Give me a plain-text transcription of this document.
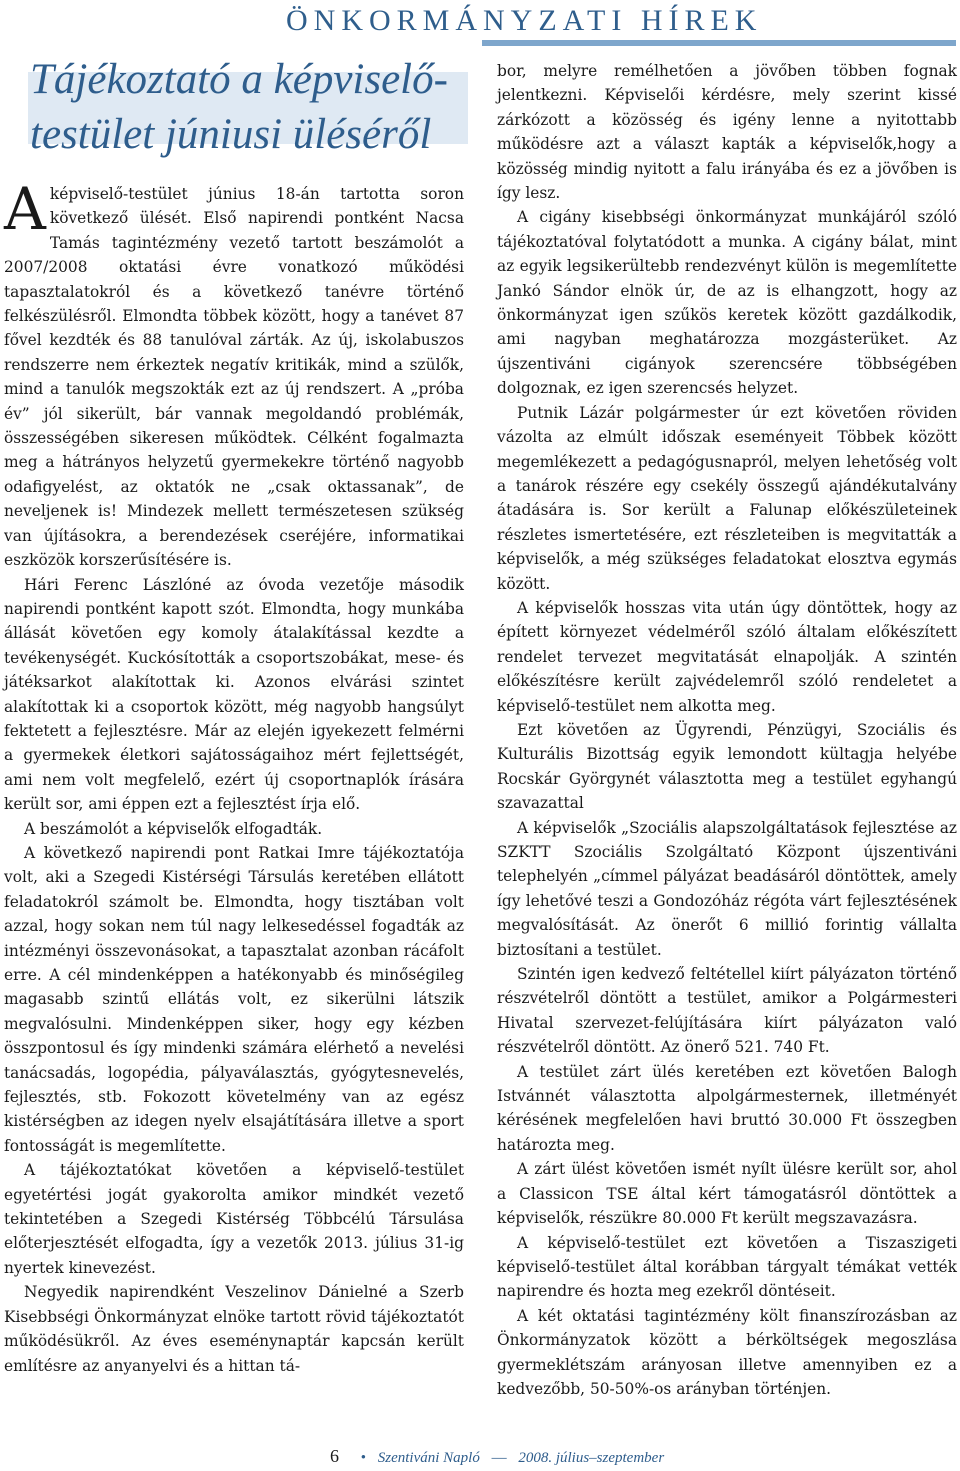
ÖNKORMÁNYZATI HÍREK
Tájékoztató a képviselő-
testület júniusi üléséről

A képviselő-testület június 18-án tartotta soron következő ülését. Első napirendi pontként Nacsa Tamás tagintézmény vezető tartott beszámolót a 2007/2008 oktatási évre vonatkozó működési tapasztalatokról és a következő tanévre történő felkészülésről. Elmondta többek között, hogy a tanévet 87 fővel kezdték és 88 tanulóval zárták. Az új, iskolabuszos rendszerre nem érkeztek negatív kritikák, mind a szülők, mind a tanulók megszokták ezt az új rendszert. A „próba év” jól sikerült, bár vannak megoldandó problémák, összességében sikeresen működtek. Célként fogalmazta meg a hátrányos helyzetű gyermekekre történő nagyobb odafigyelést, az oktatók ne „csak oktassanak”, de neveljenek is! Mindezek mellett természetesen szükség van újításokra, a berendezések cseréjére, informatikai eszközök korszerűsítésére is.

Hári Ferenc Lászlóné az óvoda vezetője második napirendi pontként kapott szót. Elmondta, hogy munkába állását követően egy komoly átalakítással kezdte a tevékenységét. Kuckósították a csoportszobákat, mese- és játéksarkot alakítottak ki. Azonos elvárási szintet alakítottak ki a csoportok között, még nagyobb hangsúlyt fektetett a fejlesztésre. Már az elején igyekezett felmérni a gyermekek életkori sajátosságaihoz mért fejlettségét, ami nem volt megfelelő, ezért új csoportnaplók írására került sor, ami éppen ezt a fejlesztést írja elő.

A beszámolót a képviselők elfogadták.

A következő napirendi pont Ratkai Imre tájékoztatója volt, aki a Szegedi Kistérségi Társulás keretében ellátott feladatokról számolt be. Elmondta, hogy tisztában volt azzal, hogy sokan nem túl nagy lelkesedéssel fogadták az intézményi összevonásokat, a tapasztalat azonban rácáfolt erre. A cél mindenképpen a hatékonyabb és minőségileg magasabb szintű ellátás volt, ez sikerülni látszik megvalósulni. Mindenképpen siker, hogy egy kézben összpontosul és így mindenki számára elérhető a nevelési tanácsadás, logopédia, pályaválasztás, gyógytesnevelés, fejlesztés, stb. Fokozott követelmény van az egész kistérségben az idegen nyelv elsajátítására illetve a sport fontosságát is megemlítette.

A tájékoztatókat követően a képviselő-testület egyetértési jogát gyakorolta amikor mindkét vezető tekintetében a Szegedi Kistérség Többcélú Társulása előterjesztését elfogadta, így a vezetők 2013. július 31-ig nyertek kinevezést.

Negyedik napirendként Veszelinov Dánielné a Szerb Kisebbségi Önkormányzat elnöke tartott rövid tájékoztatót működésükről. Az éves eseménynaptár kapcsán került említésre az anyanyelvi és a hittan tá-

bor, melyre remélhetően a jövőben többen fognak jelentkezni. Képviselői kérdésre, mely szerint kissé zárkózott a közösség és igény lenne a nyitottabb működésre azt a választ kapták a képviselők,hogy a közösség mindig nyitott a falu irányába és ez a jövőben is így lesz.

A cigány kisebbségi önkormányzat munkájáról szóló tájékoztatóval folytatódott a munka. A cigány bálat, mint az egyik legsikerültebb rendezvényt külön is megemlítette Jankó Sándor elnök úr, de az is elhangzott, hogy az önkormányzat igen szűkös keretek között gazdálkodik, ami nagyban meghatározza mozgásterüket. Az újszentiváni cigányok szerencsére többségében dolgoznak, ez igen szerencsés helyzet.

Putnik Lázár polgármester úr ezt követően röviden vázolta az elmúlt időszak eseményeit Többek között megemlékezett a pedagógusnapról, melyen lehetőség volt a tanárok részére egy csekély összegű ajándékutalvány átadására is. Sor került a Falunap előkészületeinek részletes ismertetésére, ezt részleteiben is megvitatták a képviselők, a még szükséges feladatokat elosztva egymás között.

A képviselők hosszas vita után úgy döntöttek, hogy az épített környezet védelméről szóló általam előkészített rendelet tervezet megvitatását elnapolják. A szintén előkészítésre került zajvédelemről szóló rendeletet a képviselő-testület nem alkotta meg.

Ezt követően az Ügyrendi, Pénzügyi, Szociális és Kulturális Bizottság egyik lemondott kültagja helyébe Rocskár Györgynét választotta meg a testület egyhangú szavazattal

A képviselők „Szociális alapszolgáltatások fejlesztése az SZKTT Szociális Szolgáltató Központ újszentiváni telephelyén „címmel pályázat beadásáról döntöttek, amely így lehetővé teszi a Gondozóház régóta várt fejlesztésének megvalósítását. Az önerőt 6 millió forintig vállalta biztosítani a testület.

Szintén igen kedvező feltétellel kiírt pályázaton történő részvételről döntött a testület, amikor a Polgármesteri Hivatal szervezet-felújítására kiírt pályázaton való részvételről döntött. Az önerő 521. 740 Ft.

A testület zárt ülés keretében ezt követően Balogh Istvánnét választotta alpolgármesternek, illetményét kérésének megfelelően havi bruttó 30.000 Ft összegben határozta meg.

A zárt ülést követően ismét nyílt ülésre került sor, ahol a Classicon TSE által kért támogatásról döntöttek a képviselők, részükre 80.000 Ft került megszavazásra.

A képviselő-testület ezt követően a Tiszaszigeti képviselő-testület által korábban tárgyalt témákat vették napirendre és hozta meg ezekről döntéseit.

A két oktatási tagintézmény költ finanszírozásban az Önkormányzatok között a bérköltségek megoszlása gyermeklétszám arányosan illetve amennyiben ez a kedvezőbb, 50-50%-os arányban történjen.

6 • Szentiváni Napló — 2008. július–szeptember
